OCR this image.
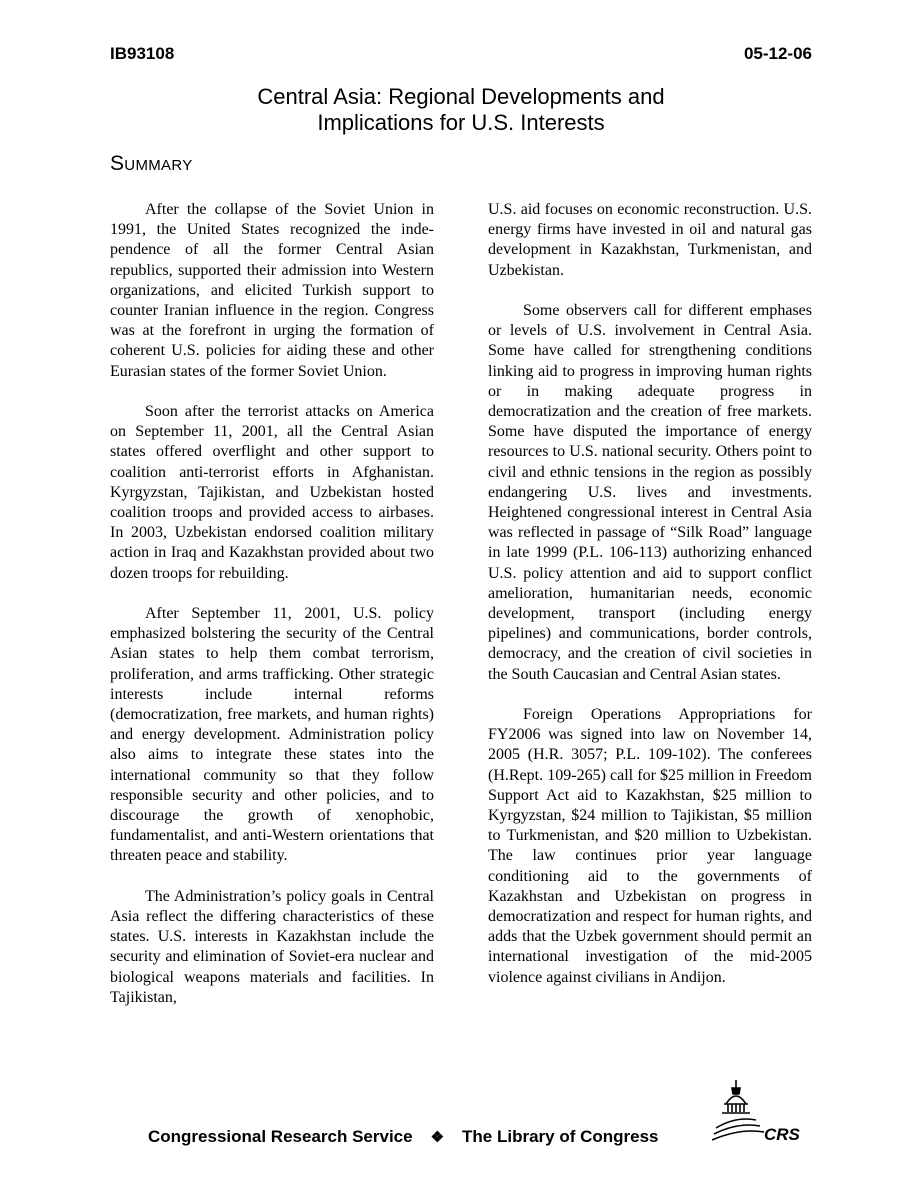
IB93108	05-12-06
Central Asia: Regional Developments and
Implications for U.S. Interests
Summary

After the collapse of the Soviet Union in 1991, the United States recognized the independence of all the former Central Asian republics, supported their admission into Western organizations, and elicited Turkish support to counter Iranian influence in the region. Congress was at the forefront in urging the formation of coherent U.S. policies for aiding these and other Eurasian states of the former Soviet Union.

Soon after the terrorist attacks on America on September 11, 2001, all the Central Asian states offered overflight and other support to coalition anti-terrorist efforts in Afghanistan. Kyrgyzstan, Tajikistan, and Uzbekistan hosted coalition troops and provided access to airbases. In 2003, Uzbekistan endorsed coalition military action in Iraq and Kazakhstan provided about two dozen troops for rebuilding.

After September 11, 2001, U.S. policy emphasized bolstering the security of the Central Asian states to help them combat terrorism, proliferation, and arms trafficking. Other strategic interests include internal reforms (democratization, free markets, and human rights) and energy development. Administration policy also aims to integrate these states into the international community so that they follow responsible security and other policies, and to discourage the growth of xenophobic, fundamentalist, and anti-Western orientations that threaten peace and stability.

The Administration’s policy goals in Central Asia reflect the differing characteristics of these states. U.S. interests in Kazakhstan include the security and elimination of Soviet-era nuclear and biological weapons materials and facilities. In Tajikistan,

U.S. aid focuses on economic reconstruction. U.S. energy firms have invested in oil and natural gas development in Kazakhstan, Turkmenistan, and Uzbekistan.

Some observers call for different emphases or levels of U.S. involvement in Central Asia. Some have called for strengthening conditions linking aid to progress in improving human rights or in making adequate progress in democratization and the creation of free markets. Some have disputed the importance of energy resources to U.S. national security. Others point to civil and ethnic tensions in the region as possibly endangering U.S. lives and investments. Heightened congressional interest in Central Asia was reflected in passage of “Silk Road” language in late 1999 (P.L. 106-113) authorizing enhanced U.S. policy attention and aid to support conflict amelioration, humanitarian needs, economic development, transport (including energy pipelines) and communications, border controls, democracy, and the creation of civil societies in the South Caucasian and Central Asian states.

Foreign Operations Appropriations for FY2006 was signed into law on November 14, 2005 (H.R. 3057; P.L. 109-102). The conferees (H.Rept. 109-265) call for $25 million in Freedom Support Act aid to Kazakhstan, $25 million to Kyrgyzstan, $24 million to Tajikistan, $5 million to Turkmenistan, and $20 million to Uzbekistan. The law continues prior year language conditioning aid to the governments of Kazakhstan and Uzbekistan on progress in democratization and respect for human rights, and adds that the Uzbek government should permit an international investigation of the mid-2005 violence against civilians in Andijon.

Congressional Research Service ❖ The Library of Congress	CRS
